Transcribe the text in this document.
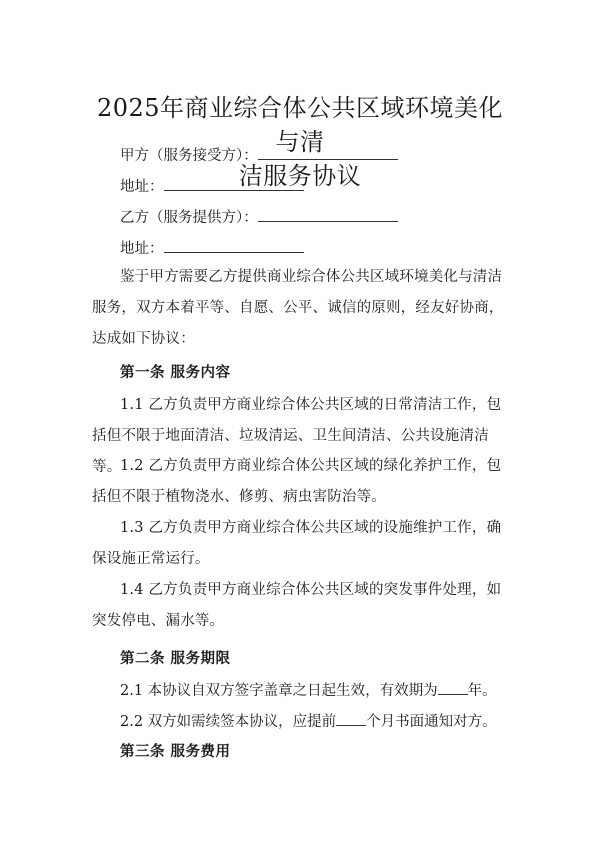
2025年商业综合体公共区域环境美化与清
洁服务协议
甲方（服务接受方）：
地址：
乙方（服务提供方）：
地址：

鉴于甲方需要乙方提供商业综合体公共区域环境美化与清洁服务，双方本着平等、自愿、公平、诚信的原则，经友好协商，达成如下协议：

第一条 服务内容

1.1 乙方负责甲方商业综合体公共区域的日常清洁工作，包括但不限于地面清洁、垃圾清运、卫生间清洁、公共设施清洁等。

1.2 乙方负责甲方商业综合体公共区域的绿化养护工作，包括但不限于植物浇水、修剪、病虫害防治等。

1.3 乙方负责甲方商业综合体公共区域的设施维护工作，确保设施正常运行。

1.4 乙方负责甲方商业综合体公共区域的突发事件处理，如突发停电、漏水等。

第二条 服务期限
2.1 本协议自双方签字盖章之日起生效，有效期为 年。
2.2 双方如需续签本协议，应提前 个月书面通知对方。
第三条 服务费用
